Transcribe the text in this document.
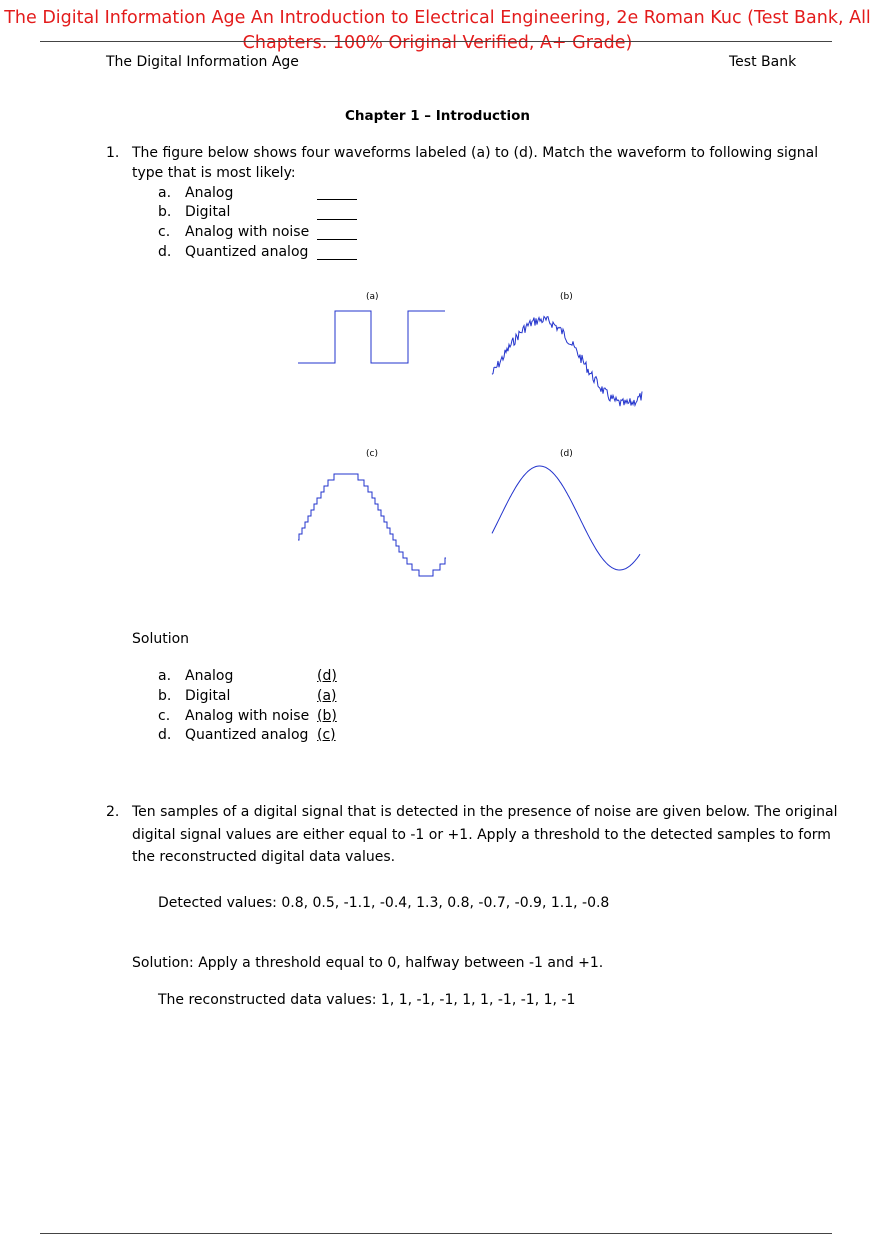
The Digital Information Age An Introduction to Electrical Engineering, 2e Roman Kuc (Test Bank, All Chapters. 100% Original Verified, A+ Grade)
The Digital Information Age	Test Bank
Chapter 1 – Introduction
1. The figure below shows four waveforms labeled (a) to (d). Match the waveform to following signal
type that is most likely:
a. Analog
b. Digital
c. Analog with noise
d. Quantized analog
(a)	(b)
(c)	(d)
Solution
a. Analog	(d)
b. Digital	(a)
c. Analog with noise (b)
d. Quantized analog (c)
2. Ten samples of a digital signal that is detected in the presence of noise are given below. The original
digital signal values are either equal to -1 or +1. Apply a threshold to the detected samples to form
the reconstructed digital data values.
Detected values: 0.8, 0.5, -1.1, -0.4, 1.3, 0.8, -0.7, -0.9, 1.1, -0.8
Solution: Apply a threshold equal to 0, halfway between -1 and +1.
The reconstructed data values: 1, 1, -1, -1, 1, 1, -1, -1, 1, -1
